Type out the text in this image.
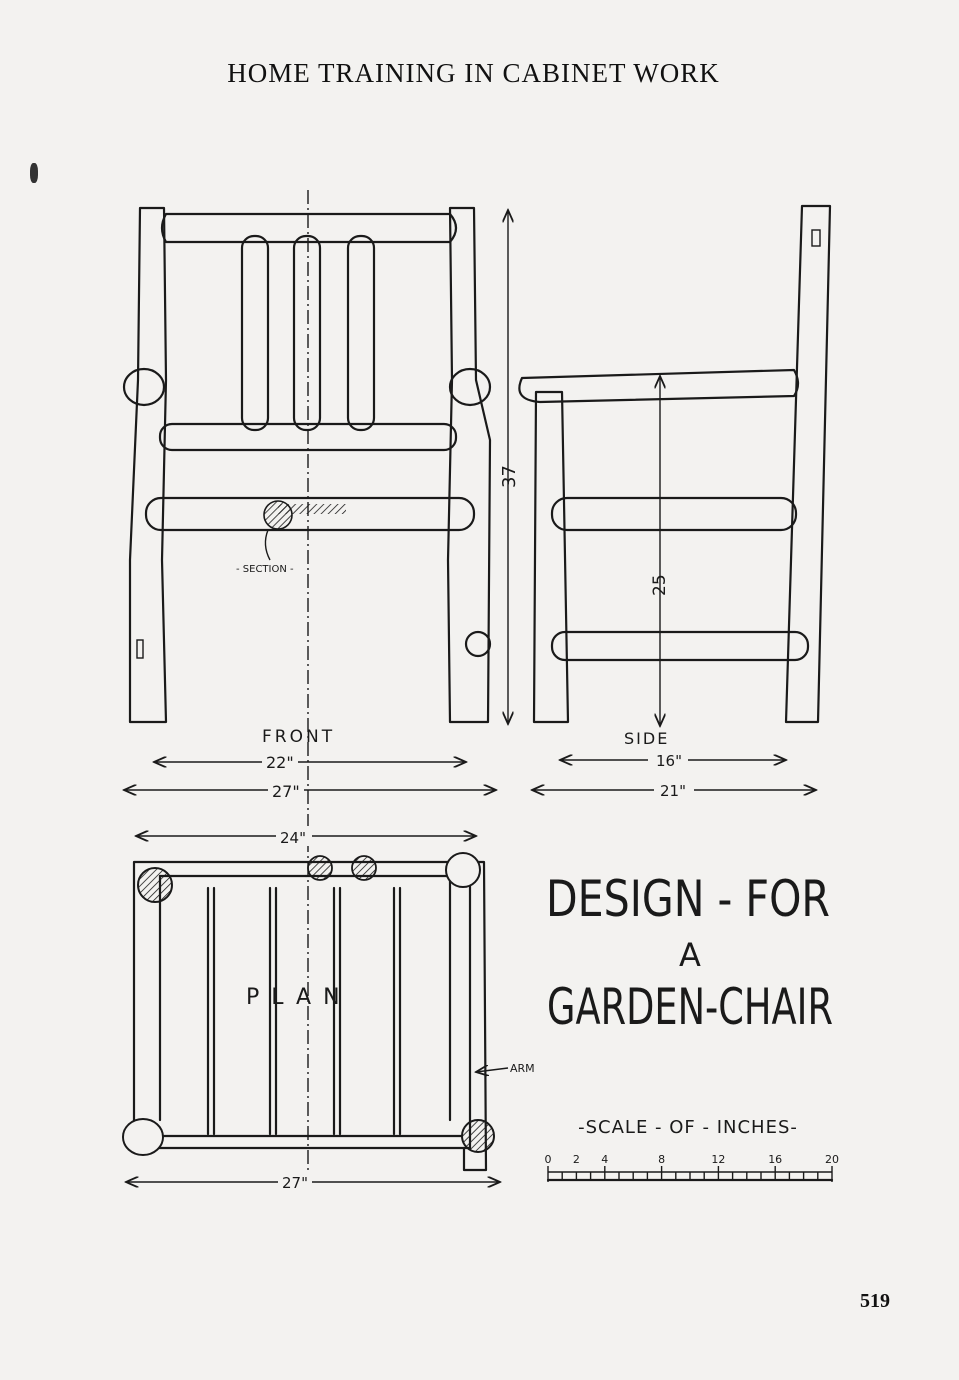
HOME TRAINING IN CABINET WORK
37
FRONT
- SECTION -
22"
27"
25
SIDE
16"
21"
24"
PLAN
ARM
27"
DESIGN - FOR
A
GARDEN-CHAIR
-SCALE - OF - INCHES-
0 2 4	8	12	16	20
519
